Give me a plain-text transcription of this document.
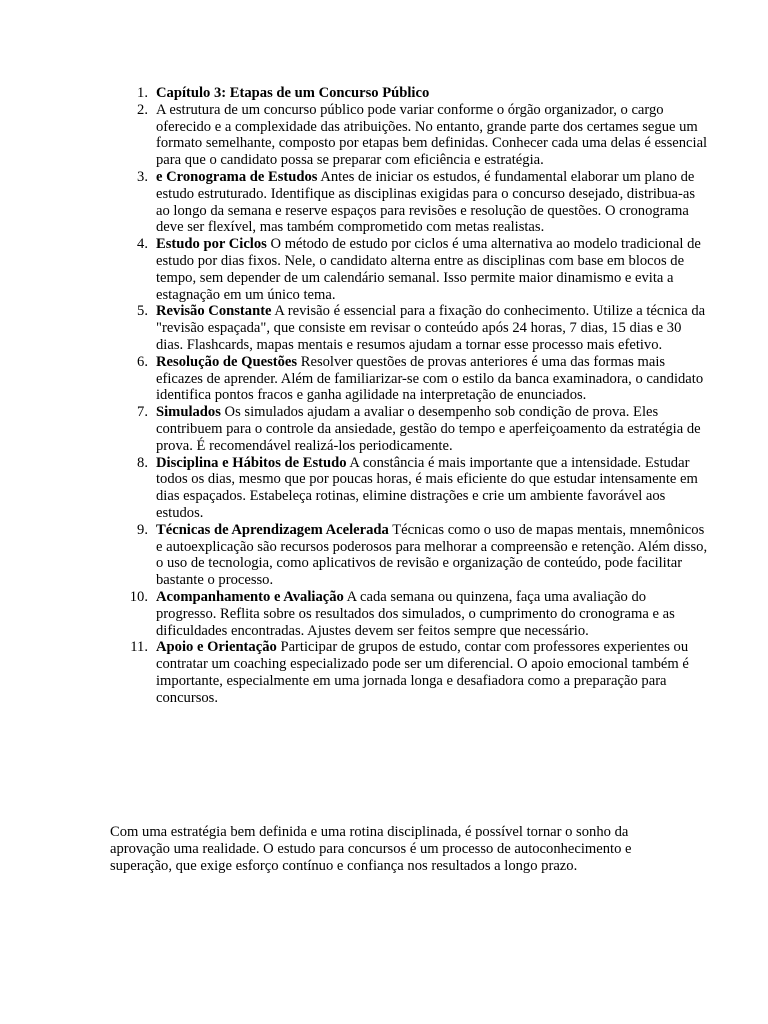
Capítulo 3: Etapas de um Concurso Público
A estrutura de um concurso público pode variar conforme o órgão organizador, o cargo oferecido e a complexidade das atribuições. No entanto, grande parte dos certames segue um formato semelhante, composto por etapas bem definidas. Conhecer cada uma delas é essencial para que o candidato possa se preparar com eficiência e estratégia.
e Cronograma de Estudos Antes de iniciar os estudos, é fundamental elaborar um plano de estudo estruturado. Identifique as disciplinas exigidas para o concurso desejado, distribua-as ao longo da semana e reserve espaços para revisões e resolução de questões. O cronograma deve ser flexível, mas também comprometido com metas realistas.
Estudo por Ciclos O método de estudo por ciclos é uma alternativa ao modelo tradicional de estudo por dias fixos. Nele, o candidato alterna entre as disciplinas com base em blocos de tempo, sem depender de um calendário semanal. Isso permite maior dinamismo e evita a estagnação em um único tema.
Revisão Constante A revisão é essencial para a fixação do conhecimento. Utilize a técnica da "revisão espaçada", que consiste em revisar o conteúdo após 24 horas, 7 dias, 15 dias e 30 dias. Flashcards, mapas mentais e resumos ajudam a tornar esse processo mais efetivo.
Resolução de Questões Resolver questões de provas anteriores é uma das formas mais eficazes de aprender. Além de familiarizar-se com o estilo da banca examinadora, o candidato identifica pontos fracos e ganha agilidade na interpretação de enunciados.
Simulados Os simulados ajudam a avaliar o desempenho sob condição de prova. Eles contribuem para o controle da ansiedade, gestão do tempo e aperfeiçoamento da estratégia de prova. É recomendável realizá-los periodicamente.
Disciplina e Hábitos de Estudo A constância é mais importante que a intensidade. Estudar todos os dias, mesmo que por poucas horas, é mais eficiente do que estudar intensamente em dias espaçados. Estabeleça rotinas, elimine distrações e crie um ambiente favorável aos estudos.
Técnicas de Aprendizagem Acelerada Técnicas como o uso de mapas mentais, mnemônicos e autoexplicação são recursos poderosos para melhorar a compreensão e retenção. Além disso, o uso de tecnologia, como aplicativos de revisão e organização de conteúdo, pode facilitar bastante o processo.
Acompanhamento e Avaliação A cada semana ou quinzena, faça uma avaliação do progresso. Reflita sobre os resultados dos simulados, o cumprimento do cronograma e as dificuldades encontradas. Ajustes devem ser feitos sempre que necessário.
Apoio e Orientação Participar de grupos de estudo, contar com professores experientes ou contratar um coaching especializado pode ser um diferencial. O apoio emocional também é importante, especialmente em uma jornada longa e desafiadora como a preparação para concursos.

Com uma estratégia bem definida e uma rotina disciplinada, é possível tornar o sonho da aprovação uma realidade. O estudo para concursos é um processo de autoconhecimento e superação, que exige esforço contínuo e confiança nos resultados a longo prazo.
